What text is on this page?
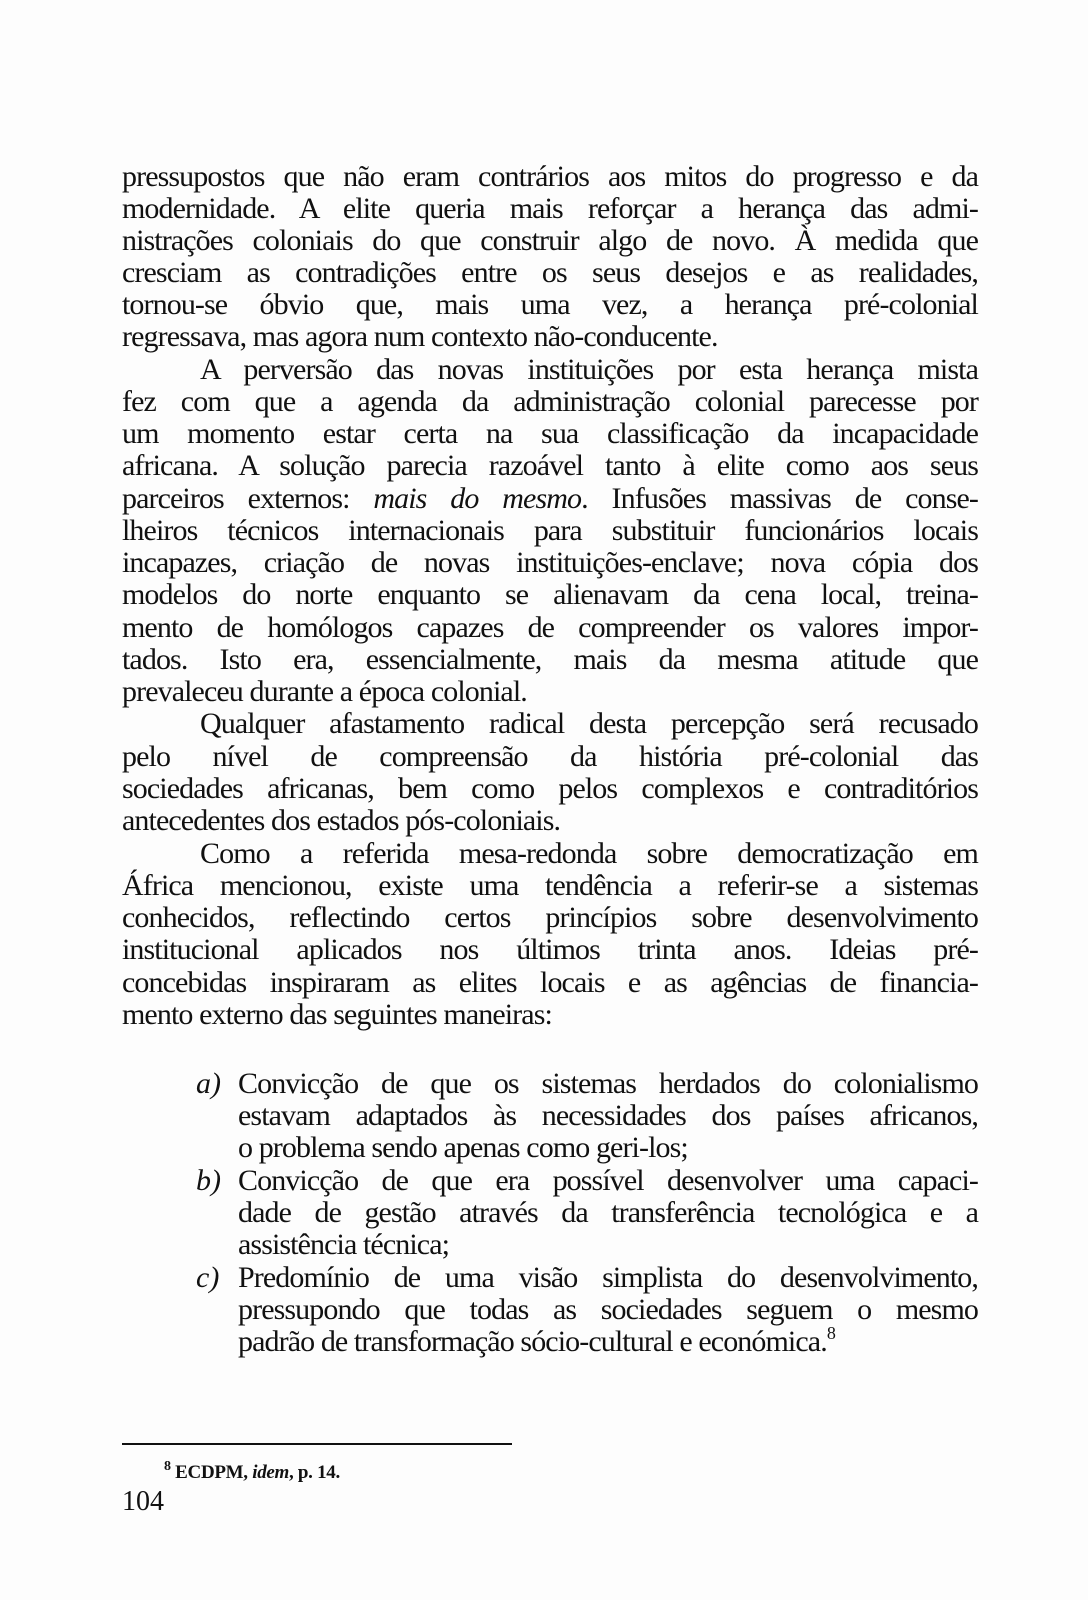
pressupostos que não eram contrários aos mitos do progresso e da
modernidade. A elite queria mais reforçar a herança das admi-
nistrações coloniais do que construir algo de novo. À medida que
cresciam as contradições entre os seus desejos e as realidades,
tornou-se óbvio que, mais uma vez, a herança pré-colonial
regressava, mas agora num contexto não-conducente.
A perversão das novas instituições por esta herança mista
fez com que a agenda da administração colonial parecesse por
um momento estar certa na sua classificação da incapacidade
africana. A solução parecia razoável tanto à elite como aos seus
parceiros externos: mais do mesmo. Infusões massivas de conse-
lheiros técnicos internacionais para substituir funcionários locais
incapazes, criação de novas instituições-enclave; nova cópia dos
modelos do norte enquanto se alienavam da cena local, treina-
mento de homólogos capazes de compreender os valores impor-
tados. Isto era, essencialmente, mais da mesma atitude que
prevaleceu durante a época colonial.
Qualquer afastamento radical desta percepção será recusado
pelo nível de compreensão da história pré-colonial das
sociedades africanas, bem como pelos complexos e contraditórios
antecedentes dos estados pós-coloniais.
Como a referida mesa-redonda sobre democratização em
África mencionou, existe uma tendência a referir-se a sistemas
conhecidos, reflectindo certos princípios sobre desenvolvimento
institucional aplicados nos últimos trinta anos. Ideias pré-
concebidas inspiraram as elites locais e as agências de financia-
mento externo das seguintes maneiras:
a) Convicção de que os sistemas herdados do colonialismo
estavam adaptados às necessidades dos países africanos,
o problema sendo apenas como geri-los;
b) Convicção de que era possível desenvolver uma capaci-
dade de gestão através da transferência tecnológica e a
assistência técnica;
c) Predomínio de uma visão simplista do desenvolvimento,
pressupondo que todas as sociedades seguem o mesmo
padrão de transformação sócio-cultural e económica.$^8$
$^8$ ECDPM, idem, p. 14.
104
